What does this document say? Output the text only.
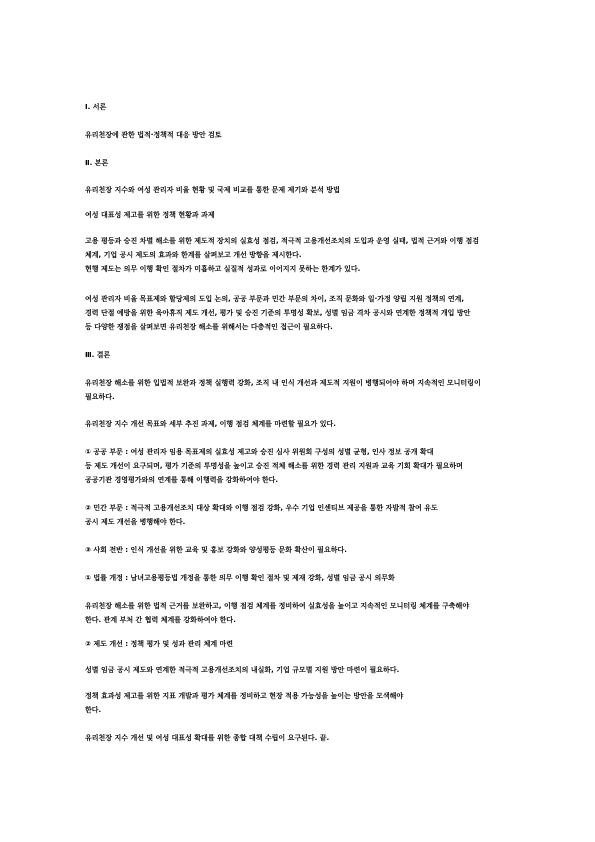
Ⅰ. 서론
유리천장에 관한 법적·정책적 대응 방안 검토
Ⅱ. 본론
유리천장 지수와 여성 관리자 비율 현황 및 국제 비교를 통한 문제 제기와 분석 방법
여성 대표성 제고를 위한 정책 현황과 과제
고용 평등과 승진 차별 해소를 위한 제도적 장치의 실효성 점검, 적극적 고용개선조치의 도입과 운영 실태, 법적 근거와 이행 점검
체계, 기업 공시 제도의 효과와 한계를 살펴보고 개선 방향을 제시한다.
현행 제도는 의무 이행 확인 절차가 미흡하고 실질적 성과로 이어지지 못하는 한계가 있다.
여성 관리자 비율 목표제와 할당제의 도입 논의, 공공 부문과 민간 부문의 차이, 조직 문화와 일·가정 양립 지원 정책의 연계,
경력 단절 예방을 위한 육아휴직 제도 개선, 평가 및 승진 기준의 투명성 확보, 성별 임금 격차 공시와 연계한 정책적 개입 방안
등 다양한 쟁점을 살펴보면 유리천장 해소를 위해서는 다층적인 접근이 필요하다.
Ⅲ. 결론
유리천장 해소를 위한 입법적 보완과 정책 실행력 강화, 조직 내 인식 개선과 제도적 지원이 병행되어야 하며 지속적인 모니터링이
필요하다.
유리천장 지수 개선 목표와 세부 추진 과제, 이행 점검 체계를 마련할 필요가 있다.
① 공공 부문 : 여성 관리자 임용 목표제의 실효성 제고와 승진 심사 위원회 구성의 성별 균형, 인사 정보 공개 확대
등 제도 개선이 요구되며, 평가 기준의 투명성을 높이고 승진 적체 해소를 위한 경력 관리 지원과 교육 기회 확대가 필요하며
공공기관 경영평가와의 연계를 통해 이행력을 강화하여야 한다.
② 민간 부문 : 적극적 고용개선조치 대상 확대와 이행 점검 강화, 우수 기업 인센티브 제공을 통한 자발적 참여 유도
공시 제도 개선을 병행해야 한다.
③ 사회 전반 : 인식 개선을 위한 교육 및 홍보 강화와 양성평등 문화 확산이 필요하다.
① 법률 개정 : 남녀고용평등법 개정을 통한 의무 이행 확인 절차 및 제재 강화, 성별 임금 공시 의무화
유리천장 해소를 위한 법적 근거를 보완하고, 이행 점검 체계를 정비하여 실효성을 높이고 지속적인 모니터링 체계를 구축해야
한다. 관계 부처 간 협력 체계를 강화하여야 한다.
② 제도 개선 : 정책 평가 및 성과 관리 체계 마련
성별 임금 공시 제도와 연계한 적극적 고용개선조치의 내실화, 기업 규모별 지원 방안 마련이 필요하다.
정책 효과성 제고를 위한 지표 개발과 평가 체계를 정비하고 현장 적용 가능성을 높이는 방안을 모색해야
한다.
유리천장 지수 개선 및 여성 대표성 확대를 위한 종합 대책 수립이 요구된다. 끝.
